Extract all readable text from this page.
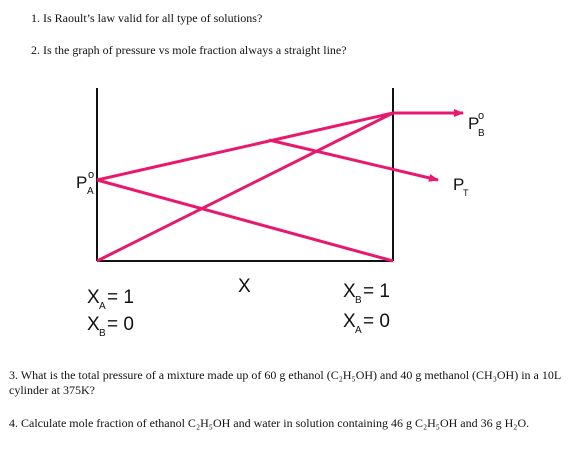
1. Is Raoult’s law valid for all type of solutions?

2. Is the graph of pressure vs mole fraction always a straight line?

P o
A
P
o
B
P
T
X A = 1
X B = 0
X	X B = 1
X A = 0

3. What is the total pressure of a mixture made up of 60 g ethanol (C₂H₅OH) and 40 g methanol (CH₃OH) in a 10L cylinder at 375K?

4. Calculate mole fraction of ethanol C₂H₅OH and water in solution containing 46 g C₂H₅OH and 36 g H₂O.
